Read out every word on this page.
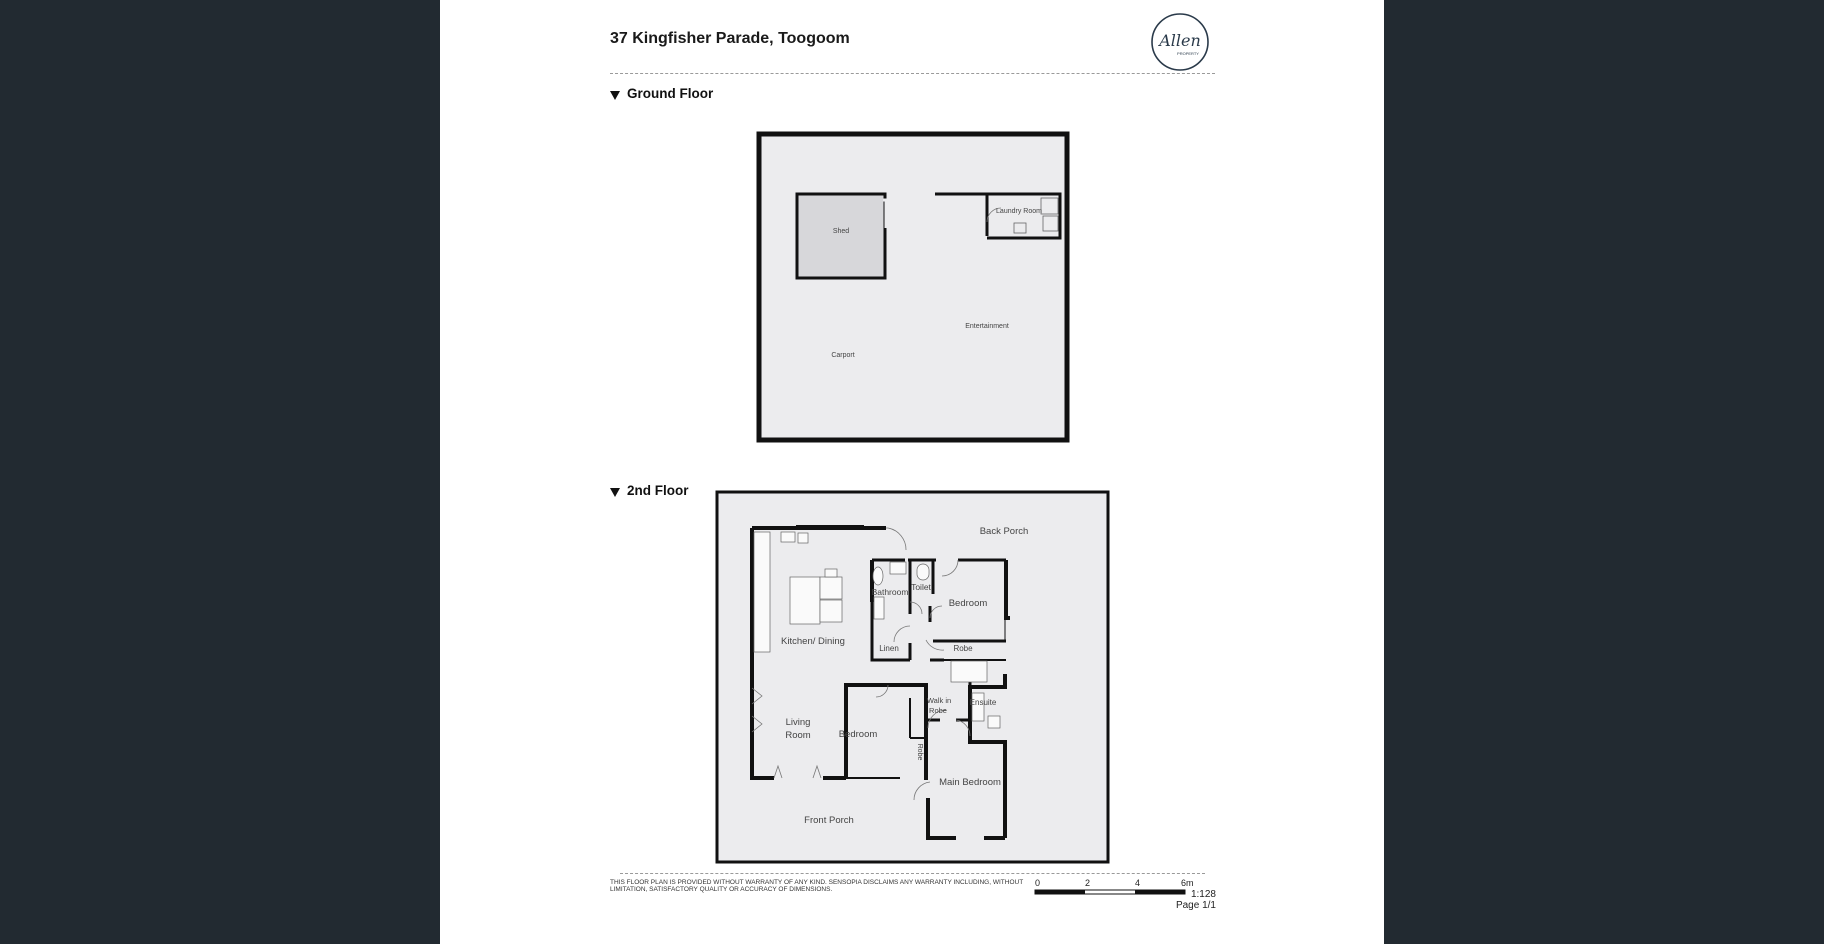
37 Kingfisher Parade, Toogoom	Allen
PROPERTY
Ground Floor
Shed
Laundry Room
Entertainment
Carport
2nd Floor
Back Porch
Bathroom Toilet
Bedroom
Linen	Robe
Kitchen/ Dining
Ensuite
Walk in
Robe
Living
Room	Bedroom
Robe
Main Bedroom
Front Porch
THIS FLOOR PLAN IS PROVIDED WITHOUT WARRANTY OF ANY KIND. SENSOPIA DISCLAIMS ANY WARRANTY INCLUDING, WITHOUT LIMITATION, SATISFACTORY QUALITY OR ACCURACY OF DIMENSIONS.
0	2	4	6m
1:128
Page 1/1
